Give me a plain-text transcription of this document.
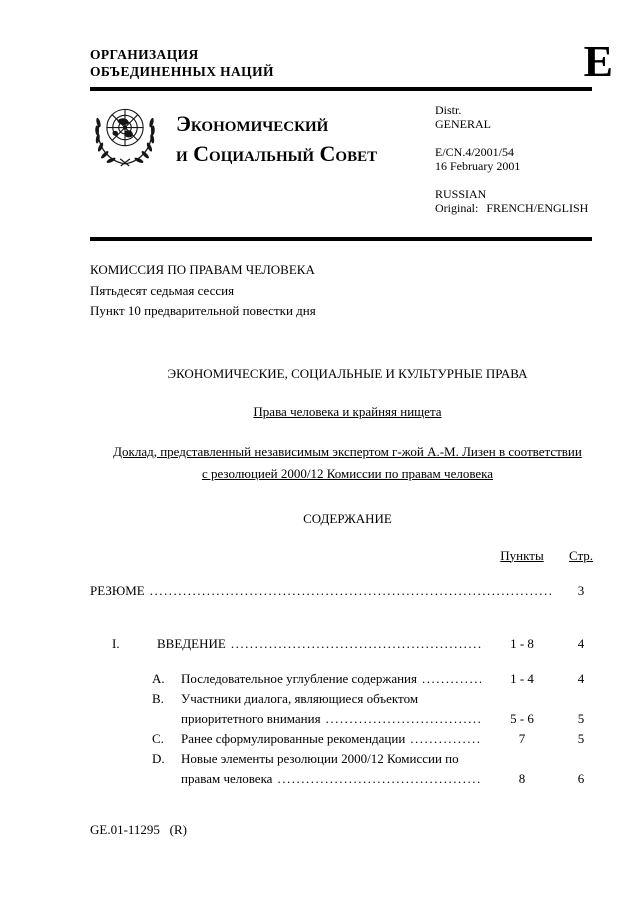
ОРГАНИЗАЦИЯ
ОБЪЕДИНЕННЫХ НАЦИЙ	E
Экономический
и Социальный Совет
Distr.
GENERAL
E/CN.4/2001/54
16 February 2001
RUSSIAN
Original: FRENCH/ENGLISH
КОМИССИЯ ПО ПРАВАМ ЧЕЛОВЕКА
Пятьдесят седьмая сессия
Пункт 10 предварительной повестки дня
ЭКОНОМИЧЕСКИЕ, СОЦИАЛЬНЫЕ И КУЛЬТУРНЫЕ ПРАВА
Права человека и крайняя нищета
Доклад, представленный независимым экспертом г-жой А.-М. Лизен в соответствии
с резолюцией 2000/12 Комиссии по правам человека
СОДЕРЖАНИЕ
Пункты	Стр.
РЕЗЮМЕ .....	3
I.	ВВЕДЕНИЕ .....	1 - 8	4
A.	Последовательное углубление содержания .....	1 - 4	4
B.	Участники диалога, являющиеся объектом
приоритетного внимания .....	5 - 6	5
C.	Ранее сформулированные рекомендации .....	7	5
D.	Новые элементы резолюции 2000/12 Комиссии по
правам человека .....	8	6
GE.01-11295   (R)
